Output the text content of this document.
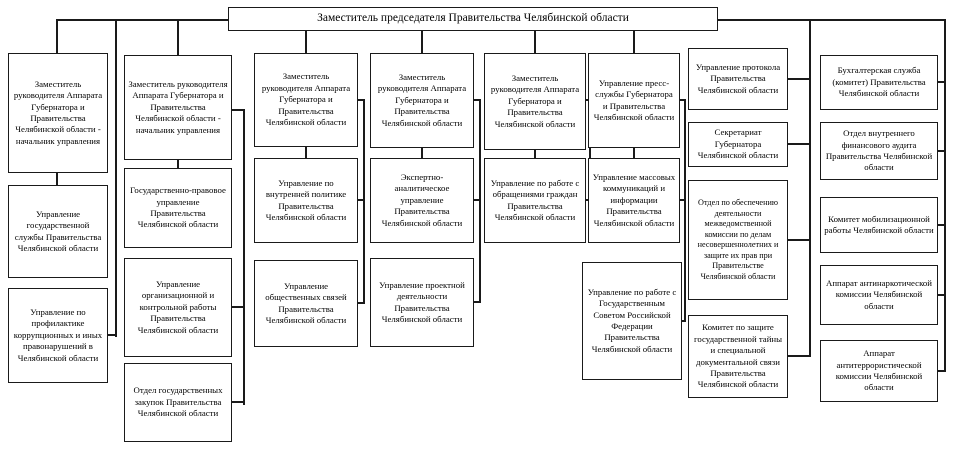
Заместитель председателя Правительства Челябинской области
Заместитель руководителя Аппарата Губернатора и Правительства Челябинской области - начальник управления
Управление государственной службы Правительства Челябинской области
Управление по профилактике коррупционных и иных правонарушений в Челябинской области
Заместитель руководителя Аппарата Губернатора и Правительства Челябинской области - начальник управления
Государственно-правовое управление Правительства Челябинской области
Управление организационной и контрольной работы Правительства Челябинской области
Отдел государственных закупок Правительства Челябинской области
Заместитель руководителя Аппарата Губернатора и Правительства Челябинской области
Управление по внутренней политике Правительства Челябинской области
Управление общественных связей Правительства Челябинской области
Заместитель руководителя Аппарата Губернатора и Правительства Челябинской области
Экспертно-аналитическое управление Правительства Челябинской области
Управление проектной деятельности Правительства Челябинской области
Заместитель руководителя Аппарата Губернатора и Правительства Челябинской области
Управление по работе с обращениями граждан Правительства Челябинской области
Управление пресс-службы Губернатора и Правительства Челябинской области
Управление массовых коммуникаций и информации Правительства Челябинской области
Управление по работе с Государственным Советом Российской Федерации Правительства Челябинской области
Управление протокола Правительства Челябинской области
Секретариат Губернатора Челябинской области
Отдел по обеспечению деятельности межведомственной комиссии по делам несовершеннолетних и защите их прав при Правительстве Челябинской области
Комитет по защите государственной тайны и специальной документальной связи Правительства Челябинской области
Бухгалтерская служба (комитет) Правительства Челябинской области
Отдел внутреннего финансового аудита Правительства Челябинской области
Комитет мобилизационной работы Челябинской области
Аппарат антинаркотической комиссии Челябинской области
Аппарат антитеррористической комиссии Челябинской области
